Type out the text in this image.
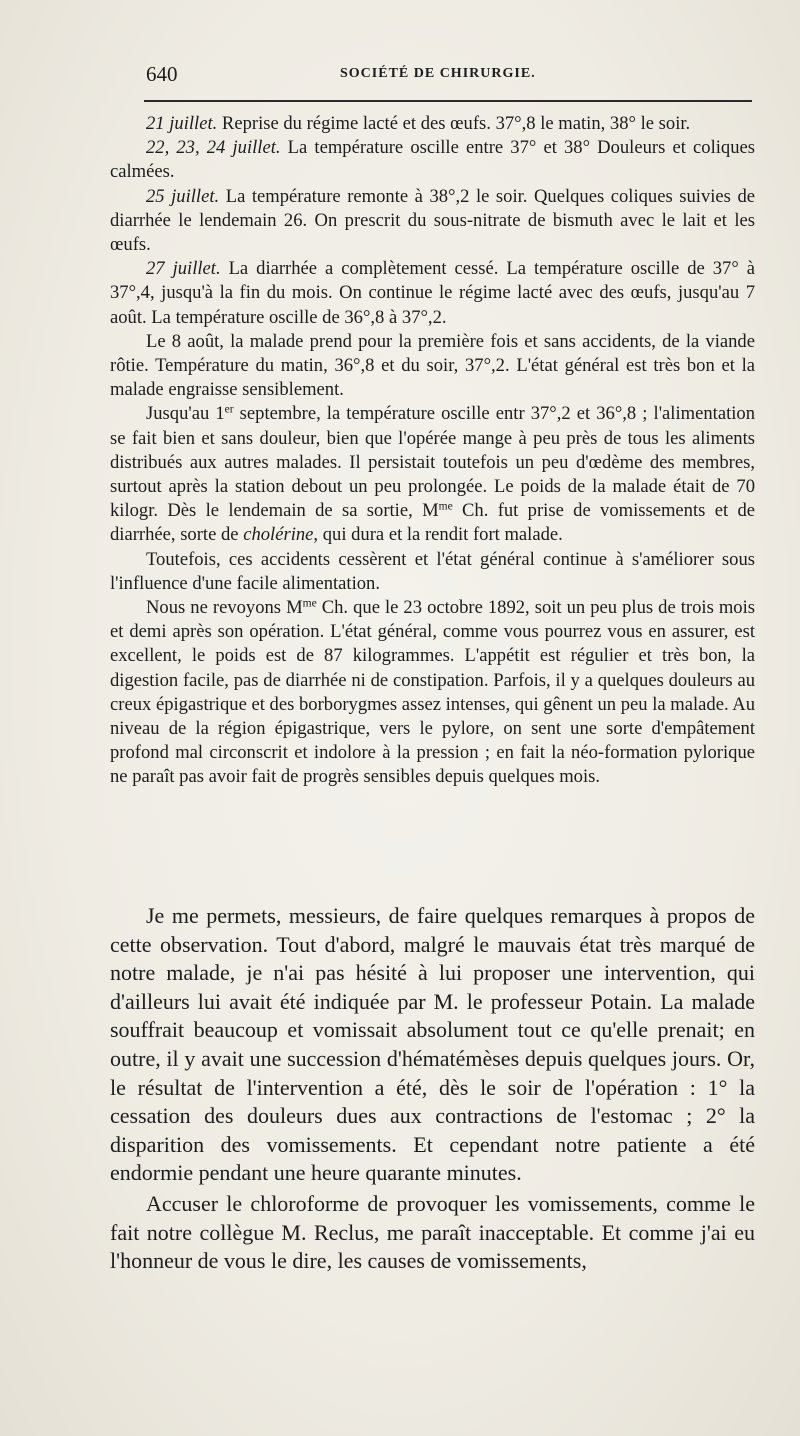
640	SOCIÉTÉ DE CHIRURGIE.

21 juillet. Reprise du régime lacté et des œufs. 37°,8 le matin, 38° le soir.

22, 23, 24 juillet. La température oscille entre 37° et 38° Douleurs et coliques calmées.

25 juillet. La température remonte à 38°,2 le soir. Quelques coliques suivies de diarrhée le lendemain 26. On prescrit du sous-nitrate de bismuth avec le lait et les œufs.

27 juillet. La diarrhée a complètement cessé. La température oscille de 37° à 37°,4, jusqu'à la fin du mois. On continue le régime lacté avec des œufs, jusqu'au 7 août. La température oscille de 36°,8 à 37°,2.

Le 8 août, la malade prend pour la première fois et sans accidents, de la viande rôtie. Température du matin, 36°,8 et du soir, 37°,2. L'état général est très bon et la malade engraisse sensiblement.

Jusqu'au 1er septembre, la température oscille entr 37°,2 et 36°,8 ; l'alimentation se fait bien et sans douleur, bien que l'opérée mange à peu près de tous les aliments distribués aux autres malades. Il persistait toutefois un peu d'œdème des membres, surtout après la station debout un peu prolongée. Le poids de la malade était de 70 kilogr. Dès le lendemain de sa sortie, $M^{me}$ Ch. fut prise de vomissements et de diarrhée, sorte de cholérine, qui dura et la rendit fort malade.

Toutefois, ces accidents cessèrent et l'état général continue à s'améliorer sous l'influence d'une facile alimentation.

Nous ne revoyons $M^{me}$ Ch. que le 23 octobre 1892, soit un peu plus de trois mois et demi après son opération. L'état général, comme vous pourrez vous en assurer, est excellent, le poids est de 87 kilogrammes. L'appétit est régulier et très bon, la digestion facile, pas de diarrhée ni de constipation. Parfois, il y a quelques douleurs au creux épigastrique et des borborygmes assez intenses, qui gênent un peu la malade. Au niveau de la région épigastrique, vers le pylore, on sent une sorte d'empâtement profond mal circonscrit et indolore à la pression ; en fait la néo-formation pylorique ne paraît pas avoir fait de progrès sensibles depuis quelques mois.

Je me permets, messieurs, de faire quelques remarques à propos de cette observation. Tout d'abord, malgré le mauvais état très marqué de notre malade, je n'ai pas hésité à lui proposer une intervention, qui d'ailleurs lui avait été indiquée par M. le professeur Potain. La malade souffrait beaucoup et vomissait absolument tout ce qu'elle prenait; en outre, il y avait une succession d'hématémèses depuis quelques jours. Or, le résultat de l'intervention a été, dès le soir de l'opération : 1° la cessation des douleurs dues aux contractions de l'estomac ; 2° la disparition des vomissements. Et cependant notre patiente a été endormie pendant une heure quarante minutes.

Accuser le chloroforme de provoquer les vomissements, comme le fait notre collègue M. Reclus, me paraît inacceptable. Et comme j'ai eu l'honneur de vous le dire, les causes de vomissements,
